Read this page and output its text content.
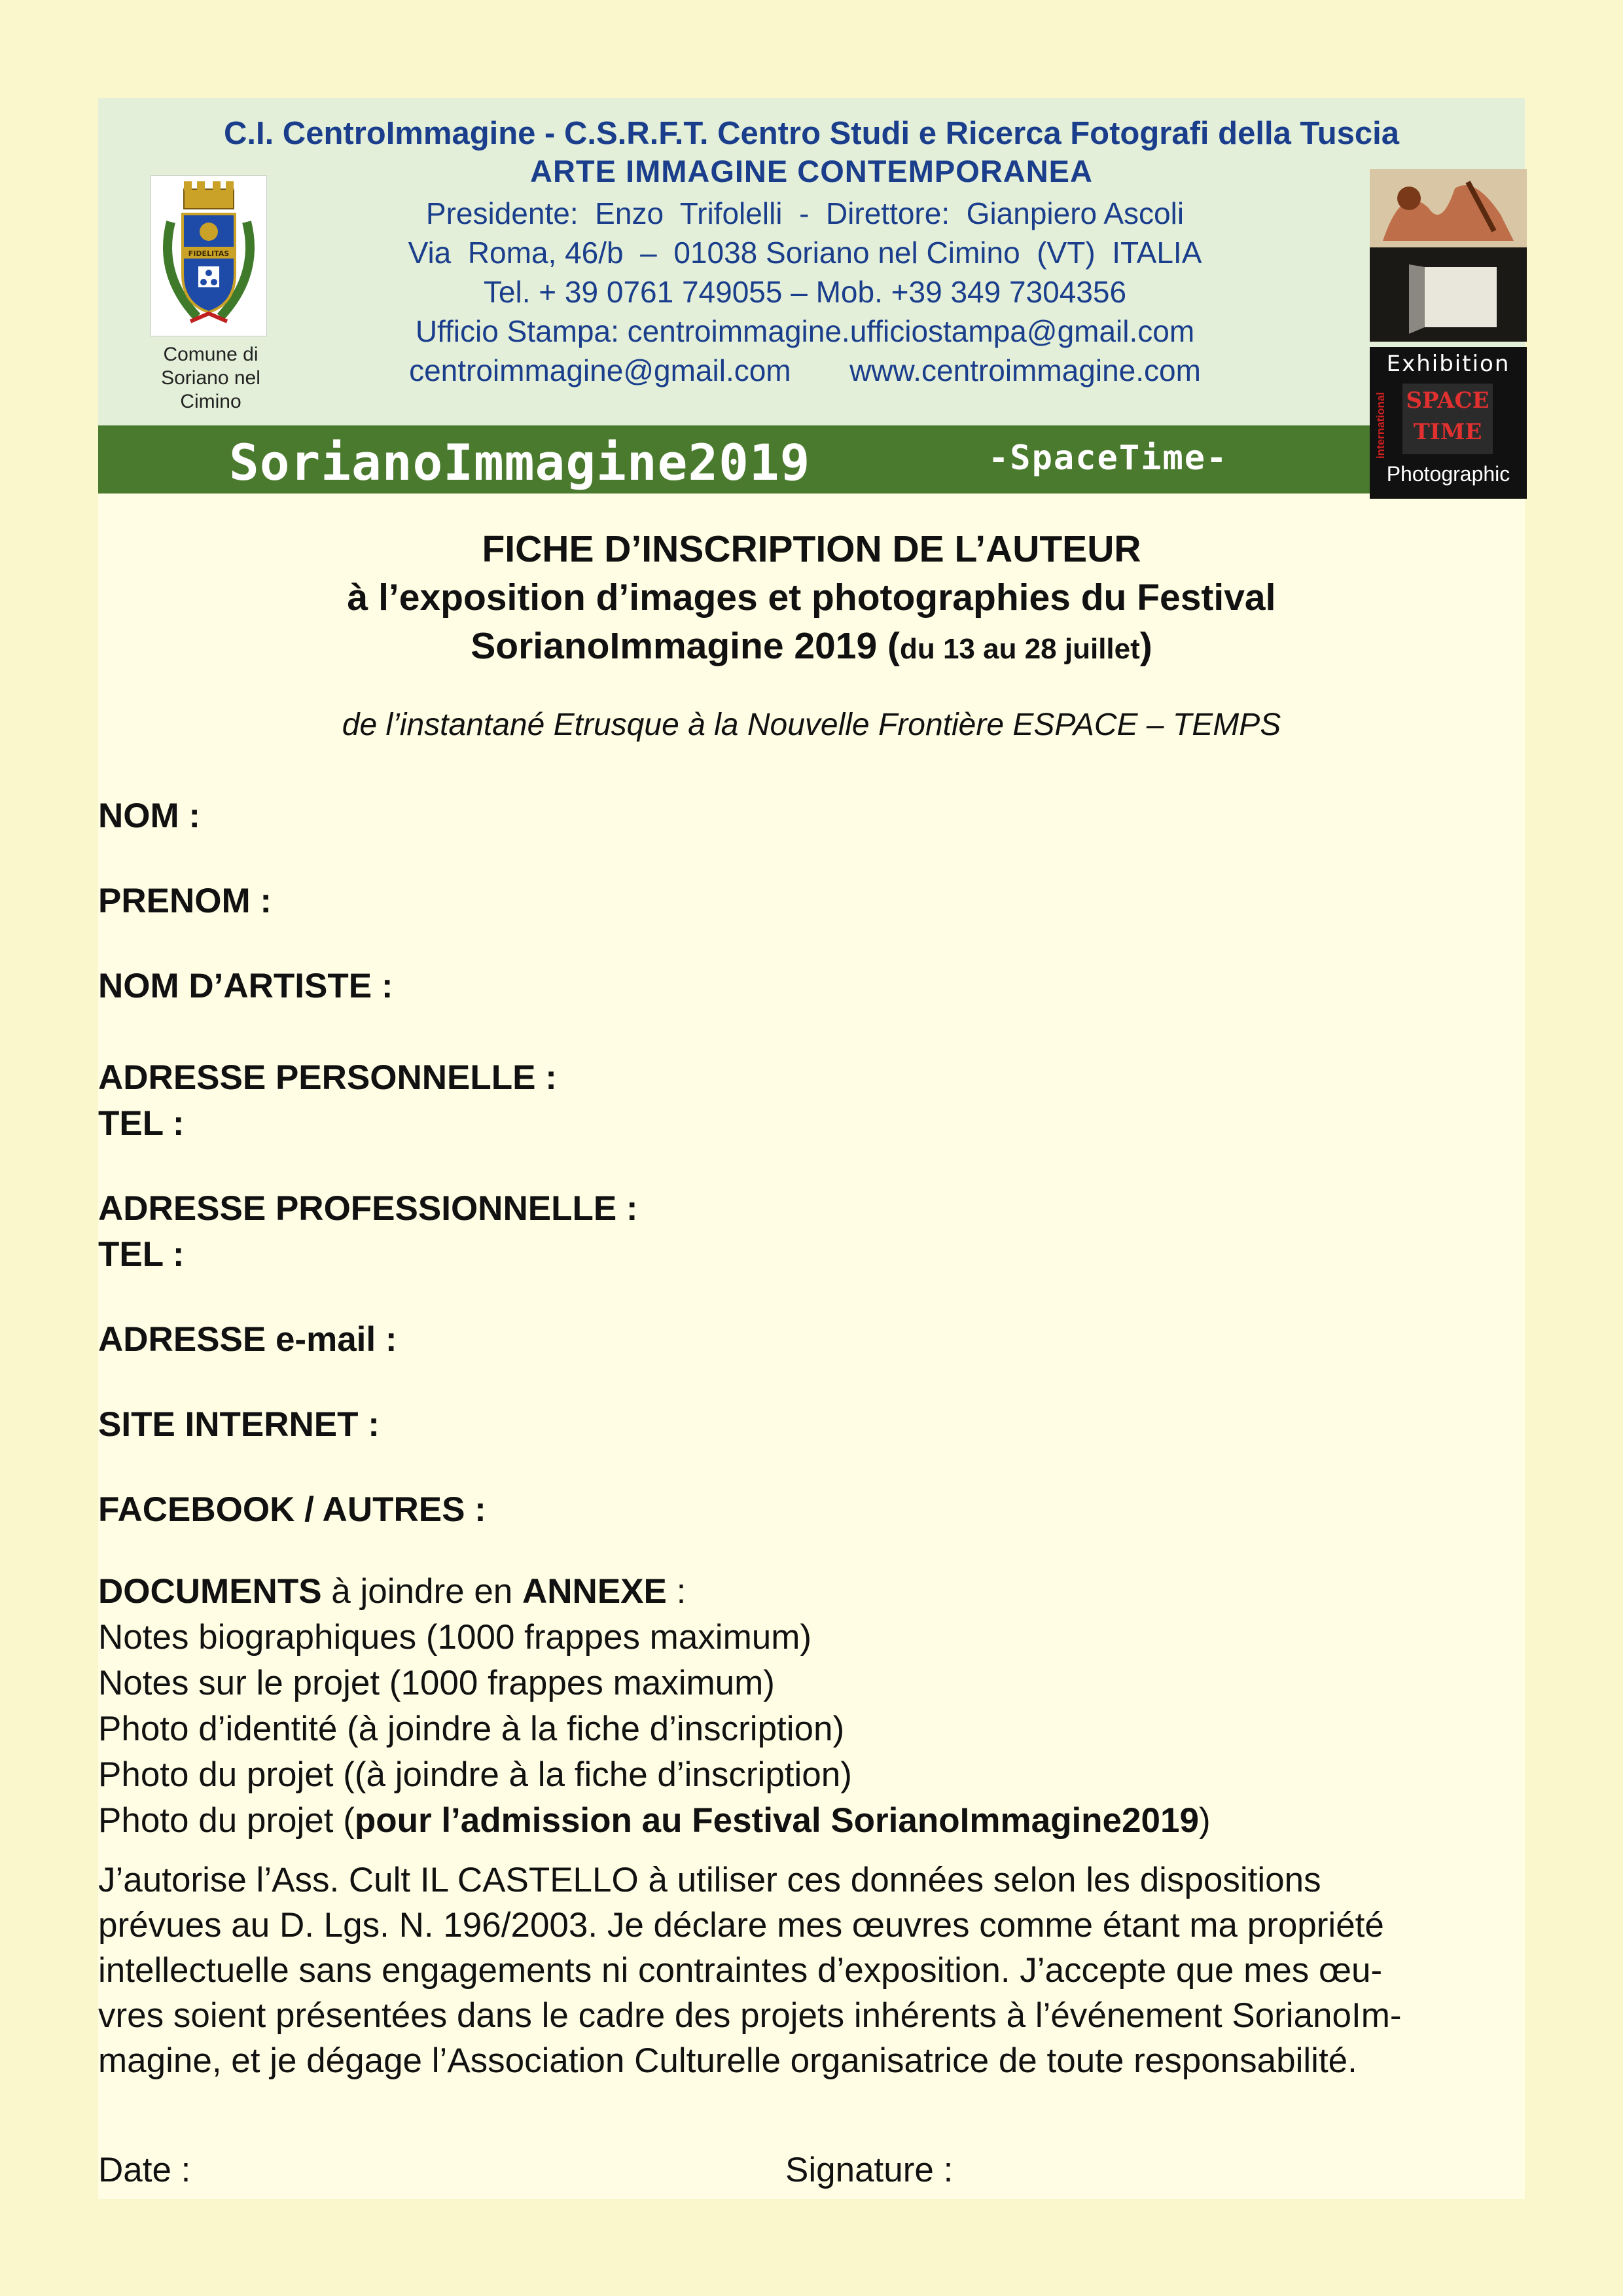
C.I. CentroImmagine - C.S.R.F.T. Centro Studi e Ricerca Fotografi della Tuscia
ARTE IMMAGINE CONTEMPORANEA
Presidente:  Enzo  Trifolelli  -  Direttore:  Gianpiero Ascoli
Via  Roma, 46/b  –  01038 Soriano nel Cimino  (VT)  ITALIA
Tel. + 39 0761 749055 – Mob. +39 349 7304356
Ufficio Stampa: centroimmagine.ufficiostampa@gmail.com
centroimmagine@gmail.com       www.centroimmagine.com
FIDELITAS
Comune di
Soriano nel Cimino
Exhibition
international SPACE
TIME
Photographic
SorianoImmagine2019	-SpaceTime-
FICHE D’INSCRIPTION DE L’AUTEUR
à l’exposition d’images et photographies du Festival
SorianoImmagine 2019 (du 13 au 28 juillet)
de l’instantané Etrusque à la Nouvelle Frontière ESPACE – TEMPS
NOM :
PRENOM :
NOM D’ARTISTE :
ADRESSE PERSONNELLE :
TEL :
ADRESSE PROFESSIONNELLE :
TEL :
ADRESSE e-mail :
SITE INTERNET :
FACEBOOK / AUTRES :
DOCUMENTS à joindre en ANNEXE :
Notes biographiques (1000 frappes maximum)
Notes sur le projet (1000 frappes maximum)
Photo d’identité (à joindre à la fiche d’inscription)
Photo du projet ((à joindre à la fiche d’inscription)
Photo du projet (pour l’admission au Festival SorianoImmagine2019)
J’autorise l’Ass. Cult IL CASTELLO à utiliser ces données selon les dispositions
prévues au D. Lgs. N. 196/2003. Je déclare mes œuvres comme étant ma propriété
intellectuelle sans engagements ni contraintes d’exposition. J’accepte que mes œu-
vres soient présentées dans le cadre des projets inhérents à l’événement SorianoIm-
magine, et je dégage l’Association Culturelle organisatrice de toute responsabilité.
Date :	Signature :
